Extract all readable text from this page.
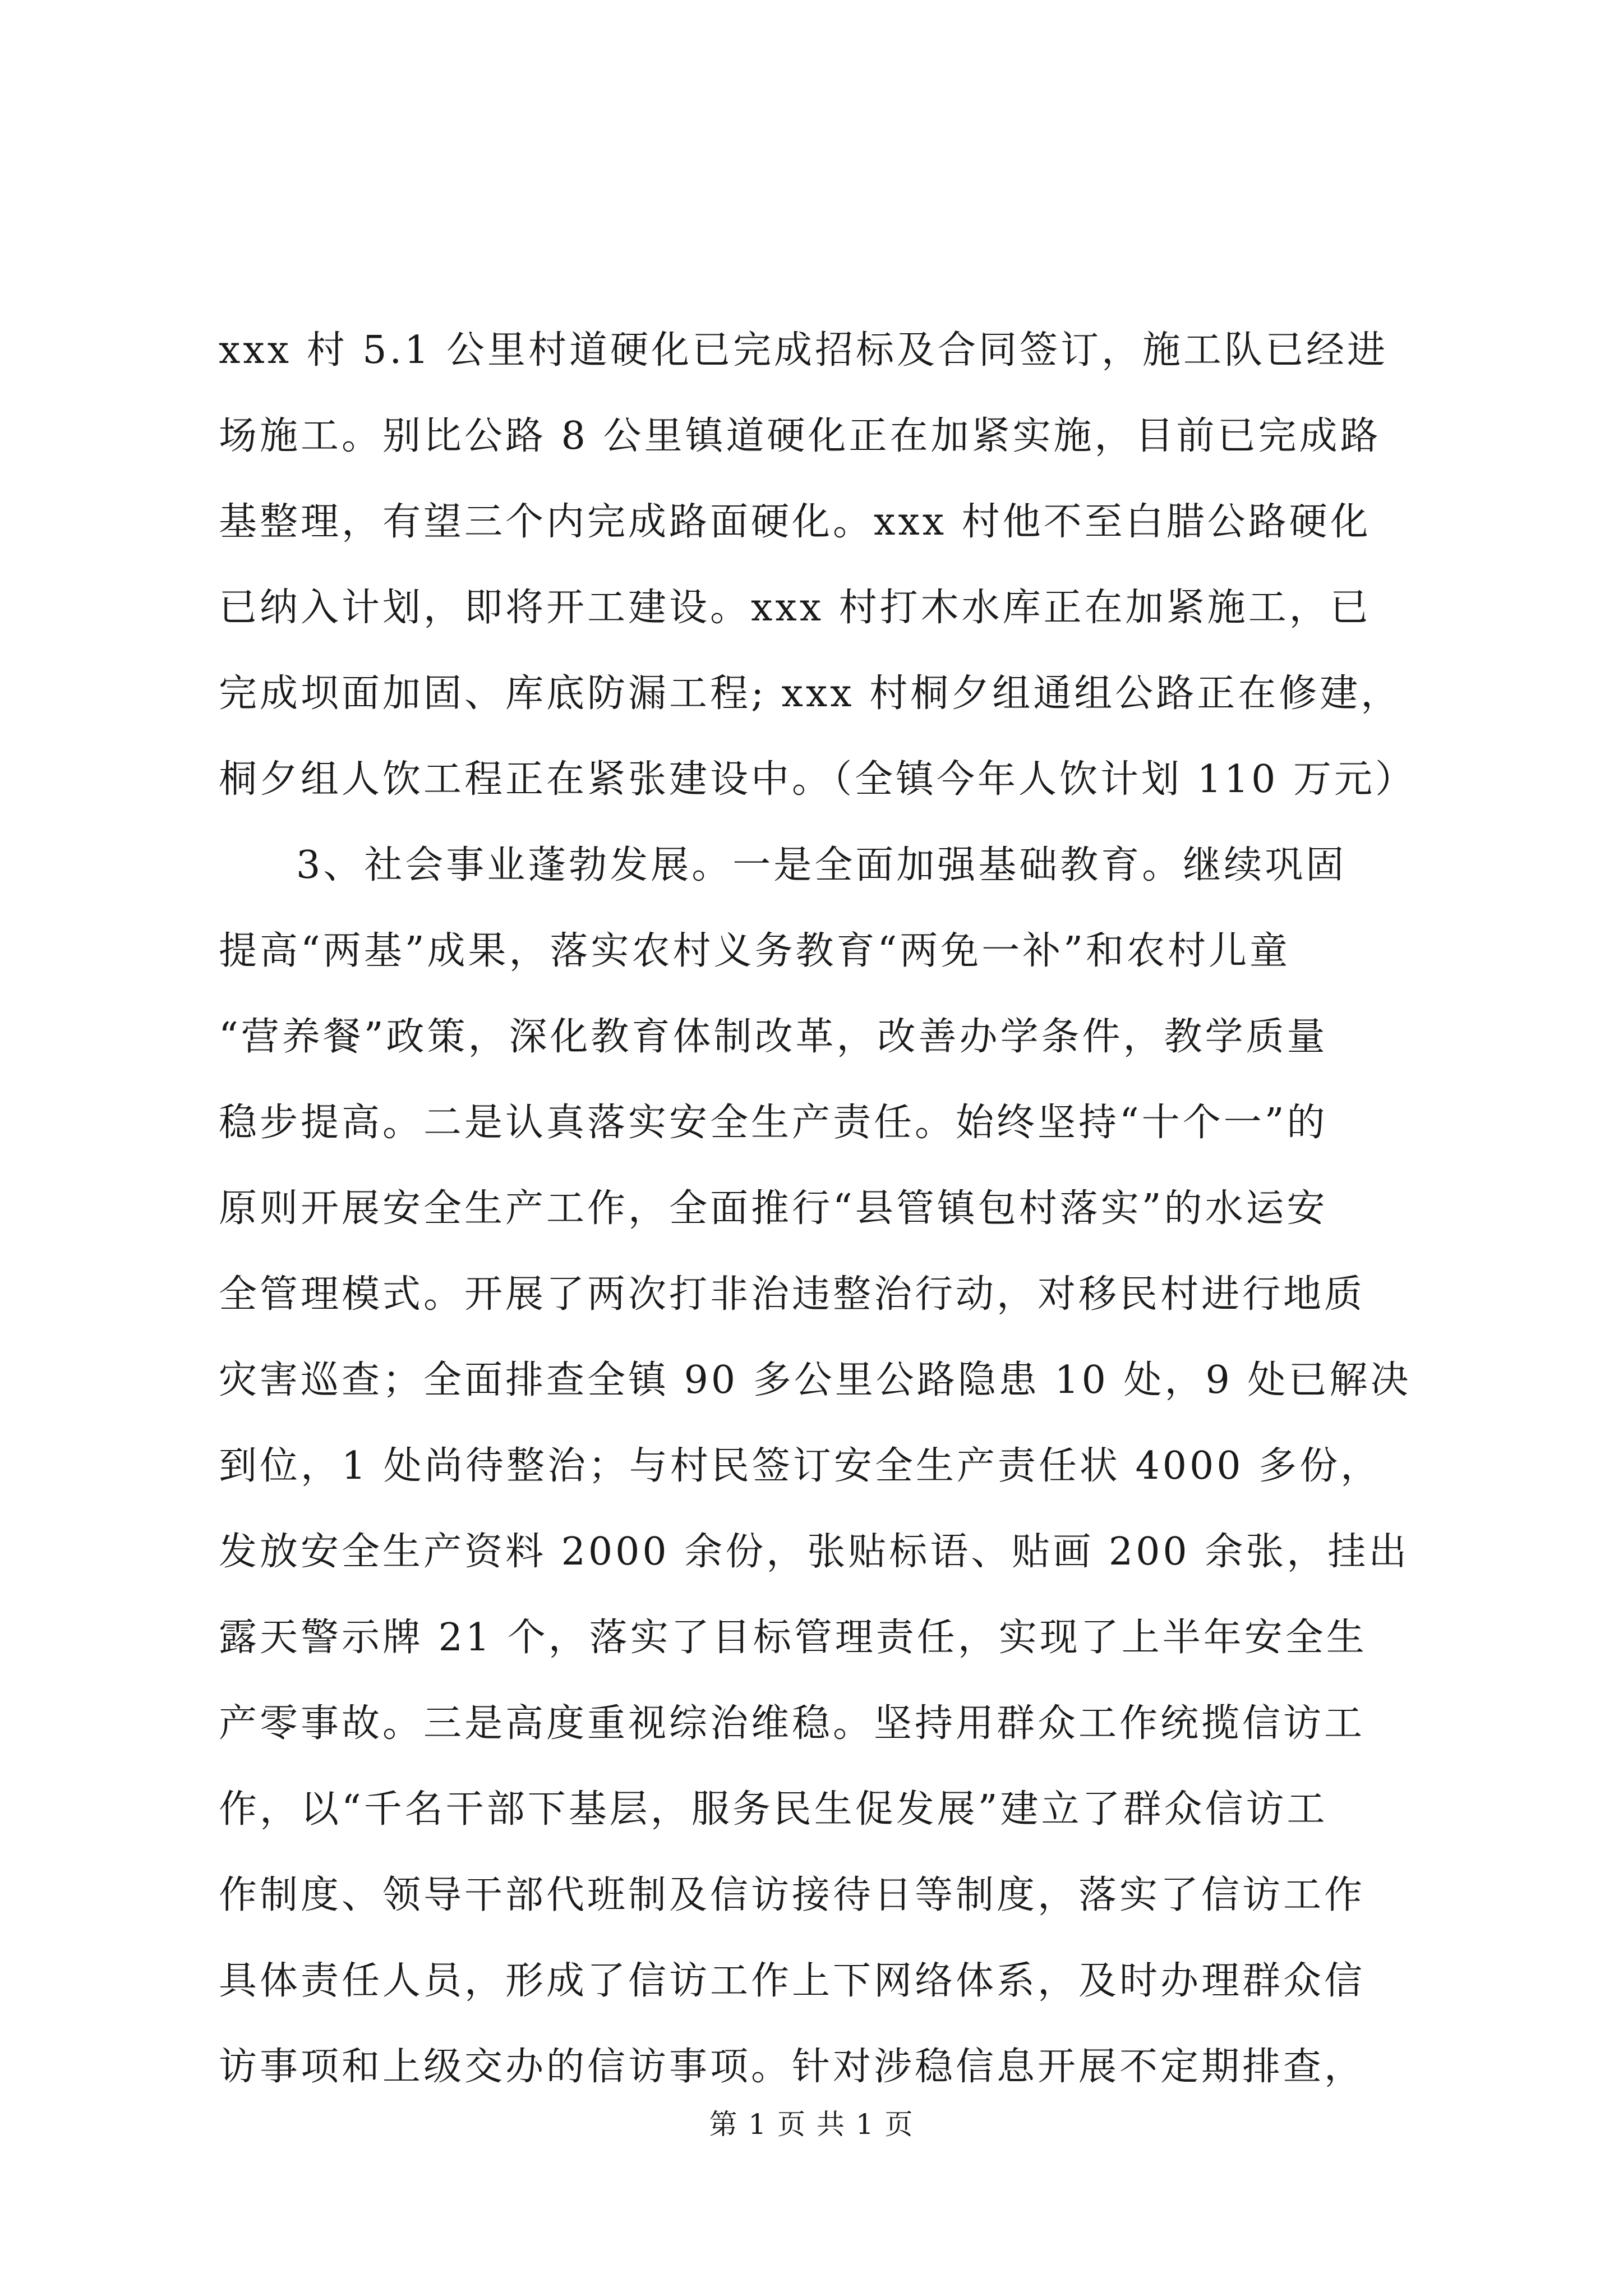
xxx 村 5.1 公里村道硬化已完成招标及合同签订，施工队已经进
场施工。别比公路 8 公里镇道硬化正在加紧实施，目前已完成路
基整理，有望三个内完成路面硬化。xxx 村他不至白腊公路硬化
已纳入计划，即将开工建设。xxx 村打木水库正在加紧施工，已
完成坝面加固、库底防漏工程; xxx 村桐夕组通组公路正在修建，
桐夕组人饮工程正在紧张建设中。（全镇今年人饮计划 110 万元）
3、社会事业蓬勃发展。一是全面加强基础教育。继续巩固
提高“两基”成果，落实农村义务教育“两免一补”和农村儿童
“营养餐”政策，深化教育体制改革，改善办学条件，教学质量
稳步提高。二是认真落实安全生产责任。始终坚持“十个一”的
原则开展安全生产工作，全面推行“县管镇包村落实”的水运安
全管理模式。开展了两次打非治违整治行动，对移民村进行地质
灾害巡查；全面排查全镇 90 多公里公路隐患 10 处，9 处已解决
到位，1 处尚待整治；与村民签订安全生产责任状 4000 多份，
发放安全生产资料 2000 余份，张贴标语、贴画 200 余张，挂出
露天警示牌 21 个，落实了目标管理责任，实现了上半年安全生
产零事故。三是高度重视综治维稳。坚持用群众工作统揽信访工
作，以“千名干部下基层，服务民生促发展”建立了群众信访工
作制度、领导干部代班制及信访接待日等制度，落实了信访工作
具体责任人员，形成了信访工作上下网络体系，及时办理群众信
访事项和上级交办的信访事项。针对涉稳信息开展不定期排查，
第 1 页 共 1 页
